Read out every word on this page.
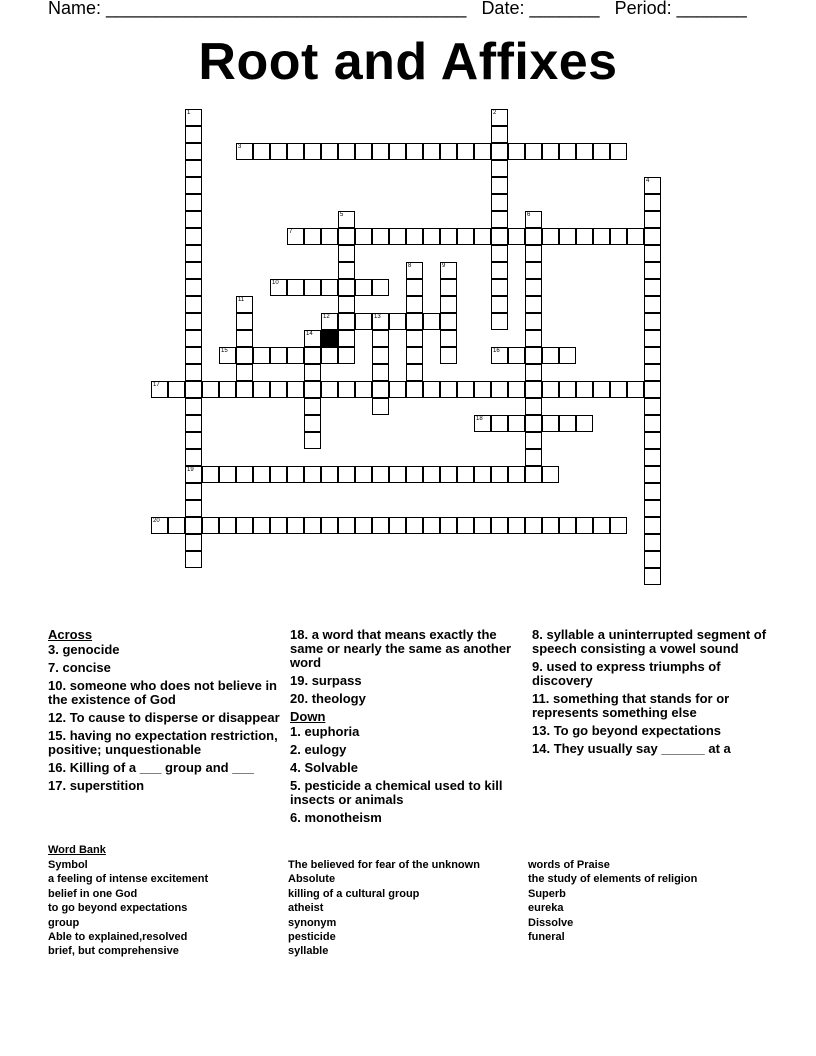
Name: ____________________________________ Date: _______ Period: _______
Root and Affixes
1
19
2
3
4
5	6
7
8	9
10
11
12	13
14
15	16
17
18
20
Across
3. genocide
7. concise
10. someone who does not believe in the existence of God
12. To cause to disperse or disappear
15. having no expectation restriction, positive; unquestionable
16. Killing of a ___ group and ___
17. superstition
18. a word that means exactly the same or nearly the same as another word
19. surpass
20. theology
Down
1. euphoria
2. eulogy
4. Solvable
5. pesticide a chemical used to kill insects or animals
6. monotheism
8. syllable a uninterrupted segment of speech consisting a vowel sound
9. used to express triumphs of discovery
11. something that stands for or represents something else
13. To go beyond expectations
14. They usually say ______ at a
Word Bank
Symbol
a feeling of intense excitement
belief in one God
to go beyond expectations
group
Able to explained,resolved
brief, but comprehensive
The believed for fear of the unknown
Absolute
killing of a cultural group
atheist
synonym
pesticide
syllable
words of Praise
the study of elements of religion
Superb
eureka
Dissolve
funeral
